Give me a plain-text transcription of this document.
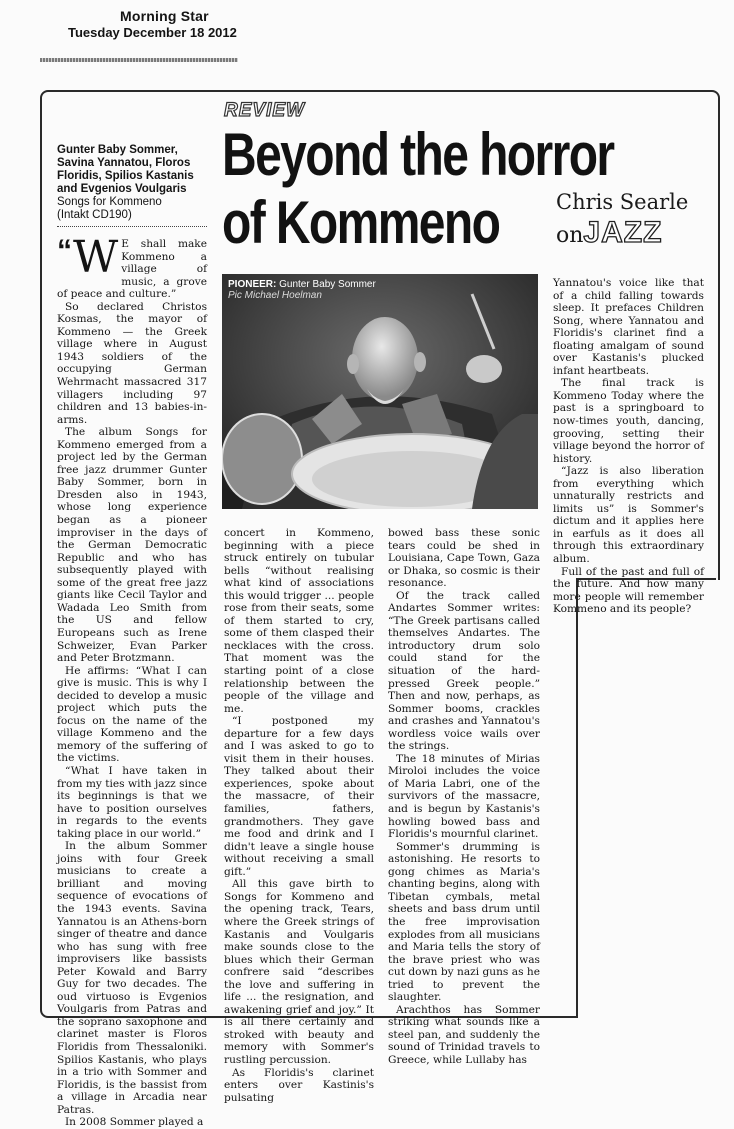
Morning Star
Tuesday December 18 2012
REVIEW
Beyond the horror
of Kommeno	Chris Searle
onJAZZ
Gunter Baby Sommer, Savina Yannatou, Floros Floridis, Spilios Kastanis and Evgenios Voulgaris
Songs for Kommeno
(Intakt CD190)

“ W E shall make Kommeno a village of music, a grove of peace and culture.”

So declared Christos Kosmas, the mayor of Kommeno — the Greek village where in August 1943 soldiers of the occupying German Wehrmacht massacred 317 villagers including 97 children and 13 babies-in-arms.

The album Songs for Kommeno emerged from a project led by the German free jazz drummer Gunter Baby Sommer, born in Dresden also in 1943, whose long experience began as a pioneer improviser in the days of the German Democratic Republic and who has subsequently played with some of the great free jazz giants like Cecil Taylor and Wadada Leo Smith from the US and fellow Europeans such as Irene Schweizer, Evan Parker and Peter Brotzmann.

He affirms: “What I can give is music. This is why I decided to develop a music project which puts the focus on the name of the village Kommeno and the memory of the suffering of the victims.

“What I have taken in from my ties with jazz since its beginnings is that we have to position ourselves in regards to the events taking place in our world.”

In the album Sommer joins with four Greek musicians to create a brilliant and moving sequence of evocations of the 1943 events. Savina Yannatou is an Athens-born singer of theatre and dance who has sung with free improvisers like bassists Peter Kowald and Barry Guy for two decades. The oud virtuoso is Evgenios Voulgaris from Patras and the soprano saxophone and clarinet master is Floros Floridis from Thessaloniki. Spilios Kastanis, who plays in a trio with Sommer and Floridis, is the bassist from a village in Arcadia near Patras.

In 2008 Sommer played a

PIONEER: Gunter Baby Sommer
Pic Michael Hoelman

concert in Kommeno, beginning with a piece struck entirely on tubular bells “without realising what kind of associations this would trigger ... people rose from their seats, some of them started to cry, some of them clasped their necklaces with the cross. That moment was the starting point of a close relationship between the people of the village and me.

“I postponed my departure for a few days and I was asked to go to visit them in their houses. They talked about their experiences, spoke about the massacre, of their families, fathers, grandmothers. They gave me food and drink and I didn't leave a single house without receiving a small gift.”

All this gave birth to Songs for Kommeno and the opening track, Tears, where the Greek strings of Kastanis and Voulgaris make sounds close to the blues which their German confrere said “describes the love and suffering in life ... the resignation, and awakening grief and joy.” It is all there certainly and stroked with beauty and memory with Sommer's rustling percussion.

As Floridis's clarinet enters over Kastinis's pulsating

bowed bass these sonic tears could be shed in Louisiana, Cape Town, Gaza or Dhaka, so cosmic is their resonance.

Of the track called Andartes Sommer writes: “The Greek partisans called themselves Andartes. The introductory drum solo could stand for the situation of the hard-pressed Greek people.” Then and now, perhaps, as Sommer booms, crackles and crashes and Yannatou's wordless voice wails over the strings.

The 18 minutes of Mirias Miroloi includes the voice of Maria Labri, one of the survivors of the massacre, and is begun by Kastanis's howling bowed bass and Floridis's mournful clarinet.

Sommer's drumming is astonishing. He resorts to gong chimes as Maria's chanting begins, along with Tibetan cymbals, metal sheets and bass drum until the free improvisation explodes from all musicians and Maria tells the story of the brave priest who was cut down by nazi guns as he tried to prevent the slaughter.

Arachthos has Sommer striking what sounds like a steel pan, and suddenly the sound of Trinidad travels to Greece, while Lullaby has

Yannatou's voice like that of a child falling towards sleep. It prefaces Children Song, where Yannatou and Floridis's clarinet find a floating amalgam of sound over Kastanis's plucked infant heartbeats.

The final track is Kommeno Today where the past is a springboard to now-times youth, dancing, grooving, setting their village beyond the horror of history.

“Jazz is also liberation from everything which unnaturally restricts and limits us” is Sommer's dictum and it applies here in earfuls as it does all through this extraordinary album.

Full of the past and full of the future. And how many more people will remember Kommeno and its people?
